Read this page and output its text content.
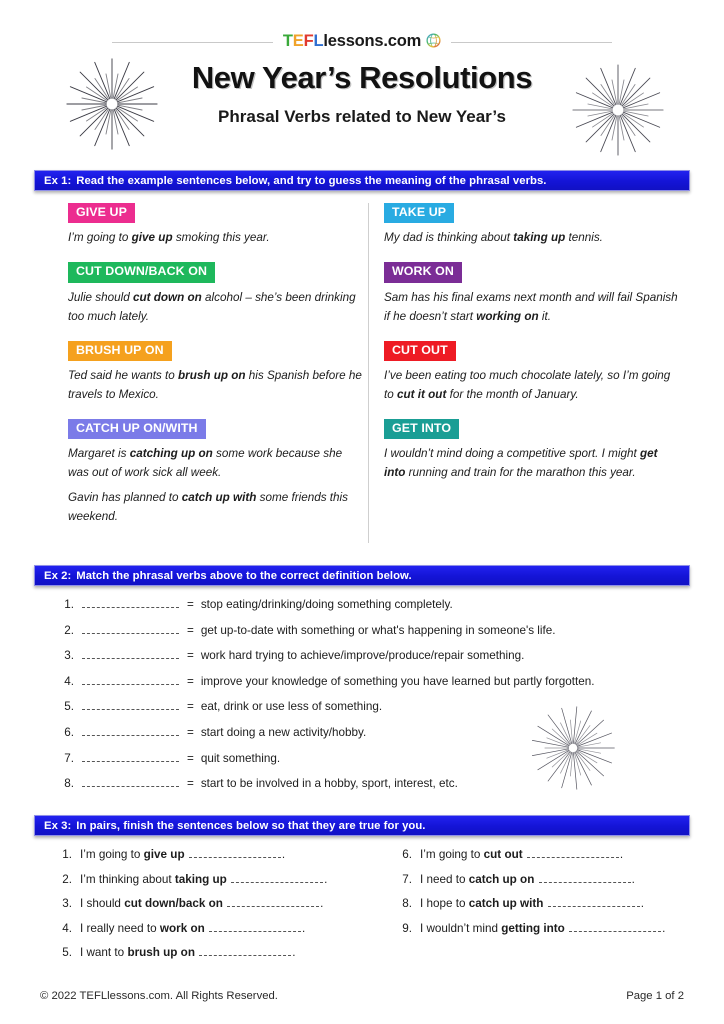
TEFLlessons.com
New Year’s Resolutions
Phrasal Verbs related to New Year’s
Ex 1: Read the example sentences below, and try to guess the meaning of the phrasal verbs.
GIVE UP

I’m going to give up smoking this year.

CUT DOWN/BACK ON

Julie should cut down on alcohol – she’s been drinking too much lately.

BRUSH UP ON

Ted said he wants to brush up on his Spanish before he travels to Mexico.

CATCH UP ON/WITH

Margaret is catching up on some work because she was out of work sick all week.

Gavin has planned to catch up with some friends this weekend.

TAKE UP

My dad is thinking about taking up tennis.

WORK ON

Sam has his final exams next month and will fail Spanish if he doesn’t start working on it.

CUT OUT

I’ve been eating too much chocolate lately, so I’m going to cut it out for the month of January.

GET INTO

I wouldn’t mind doing a competitive sport. I might get into running and train for the marathon this year.

Ex 2: Match the phrasal verbs above to the correct definition below.
1.	= stop eating/drinking/doing something completely.
2.	= get up-to-date with something or what's happening in someone's life.
3.	= work hard trying to achieve/improve/produce/repair something.
4.	= improve your knowledge of something you have learned but partly forgotten.
5.	= eat, drink or use less of something.
6.	= start doing a new activity/hobby.
7.	= quit something.
8.	= start to be involved in a hobby, sport, interest, etc.
Ex 3: In pairs, finish the sentences below so that they are true for you.
1. I’m going to give up	.
2. I’m thinking about taking up	.
3. I should cut down/back on	.
4. I really need to work on	.
5. I want to brush up on	.
6. I’m going to cut out	.
7. I need to catch up on	.
8. I hope to catch up with	.
9. I wouldn’t mind getting into	.
© 2022 TEFLlessons.com. All Rights Reserved.	Page 1 of 2
